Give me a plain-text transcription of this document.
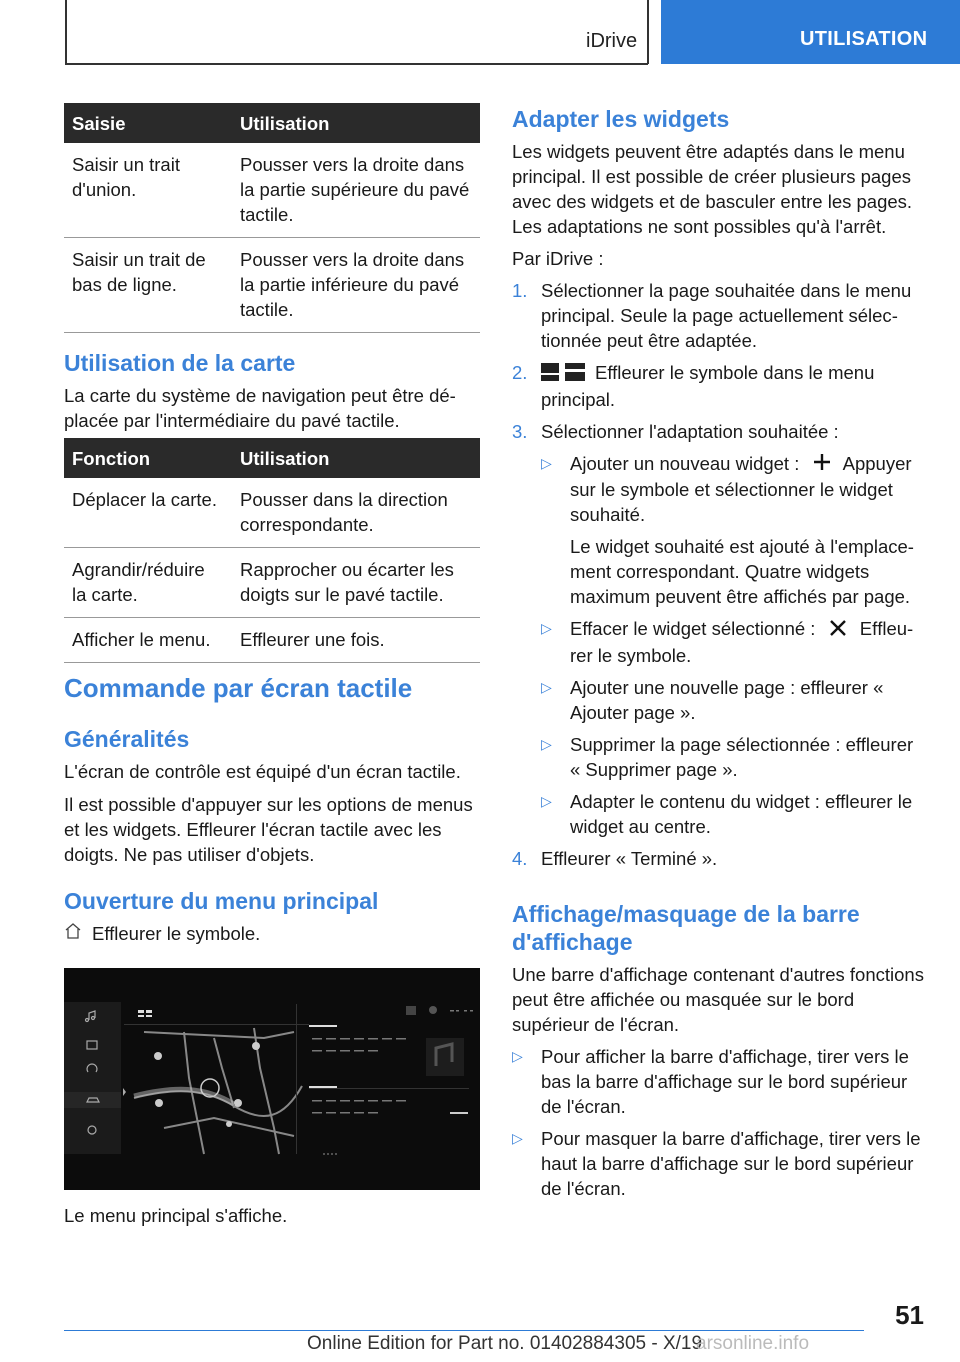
iDrive	UTILISATION
Saisie	Utilisation
Saisir un trait d'union.	Pousser vers la droite dans la partie supérieure du pavé tactile.
Saisir un trait de bas de ligne.	Pousser vers la droite dans la partie inférieure du pavé tactile.
Utilisation de la carte

La carte du système de navigation peut être déplacée par l'intermédiaire du pavé tactile.

Fonction	Utilisation
Déplacer la carte.	Pousser dans la direction correspondante.
Agrandir/réduire la carte.	Rapprocher ou écarter les doigts sur le pavé tactile.
Afficher le menu.	Effleurer une fois.
Commande par écran tactile
Généralités

L'écran de contrôle est équipé d'un écran tactile.

Il est possible d'appuyer sur les options de menus et les widgets. Effleurer l'écran tactile avec les doigts. Ne pas utiliser d'objets.

Ouverture du menu principal

Effleurer le symbole.

Le menu principal s'affiche.

Adapter les widgets

Les widgets peuvent être adaptés dans le menu principal. Il est possible de créer plusieurs pages avec des widgets et de basculer entre les pages. Les adaptations ne sont possibles qu'à l'arrêt.

Par iDrive :

1. Sélectionner la page souhaitée dans le menu principal. Seule la page actuellement sélectionnée peut être adaptée.
2.	Effleurer le symbole dans le menu principal.
3. Sélectionner l'adaptation souhaitée :
▷ Ajouter un nouveau widget : Appuyer sur le symbole et sélectionner le widget souhaité.

Le widget souhaité est ajouté à l'emplacement correspondant. Quatre widgets maximum peuvent être affichés par page.

▷ Effacer le widget sélectionné : Efﬂeurer le symbole.
▷ Ajouter une nouvelle page : effleurer « Ajouter page ».
▷ Supprimer la page sélectionnée : effleurer « Supprimer page ».
▷ Adapter le contenu du widget : effleurer le widget au centre.
4. Effleurer « Terminé ».
Affichage/masquage de la barre d'affichage

Une barre d'affichage contenant d'autres fonctions peut être affichée ou masquée sur le bord supérieur de l'écran.

▷ Pour afficher la barre d'affichage, tirer vers le bas la barre d'affichage sur le bord supérieur de l'écran.
▷ Pour masquer la barre d'affichage, tirer vers le haut la barre d'affichage sur le bord supérieur de l'écran.
51
Online Edition for Part no. 01402884305 - X/19
arsonline.info
